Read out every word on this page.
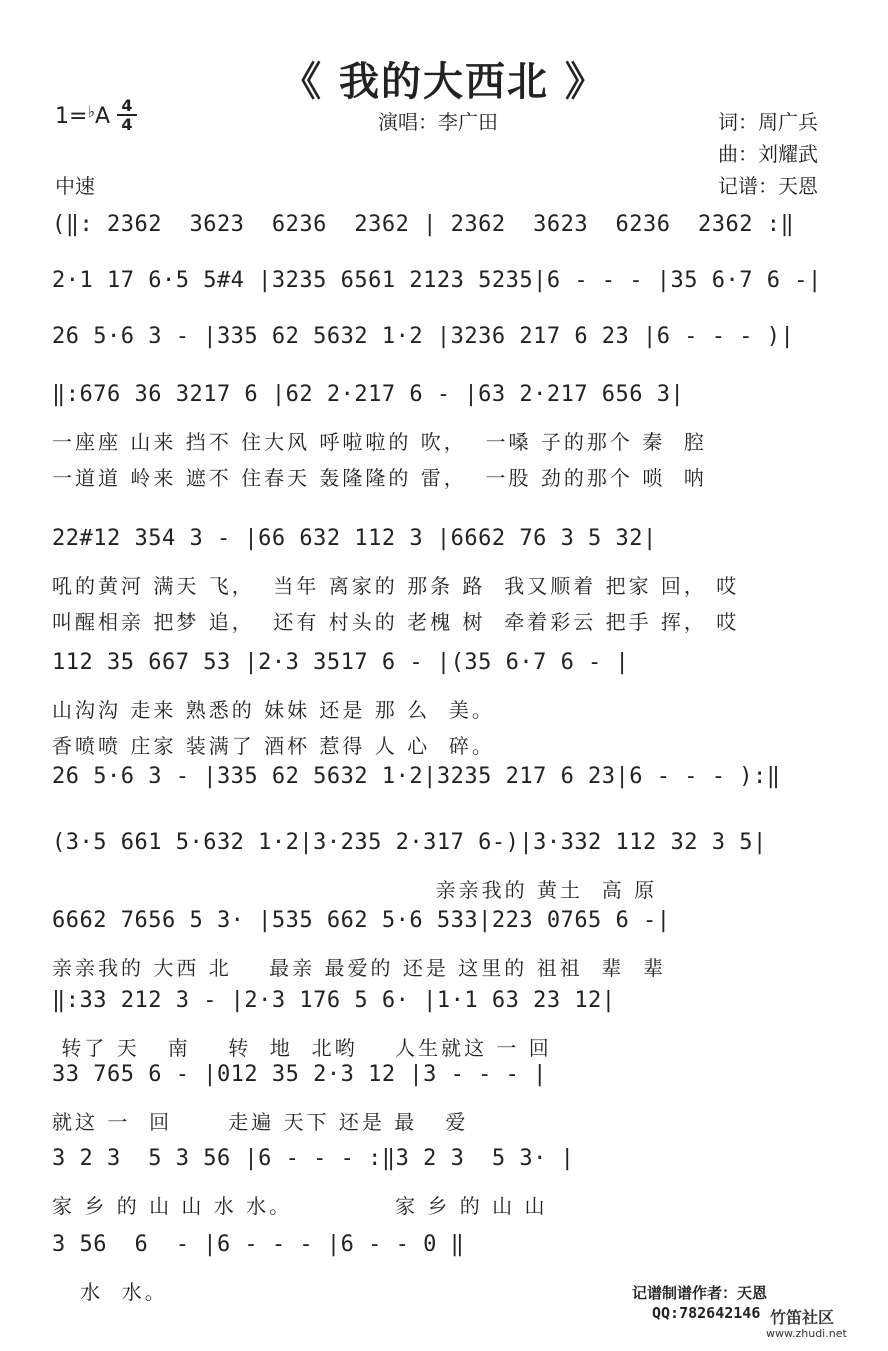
《 我的大西北 》
1=♭A 4
4	演唱：李广田	词：周广兵
曲：刘耀武
记谱：天恩
中速
(‖: 2362  3623  6236  2362 | 2362  3623  6236  2362 :‖
2·1 17 6·5 5#4 |3235 6561 2123 5235|6 - - - |35 6·7 6 -|
26 5·6 3 - |335 62 5632 1·2 |3236 217 6 23 |6 - - - )|
‖:676 36 3217 6 |62 2·217 6 - |63 2·217 656 3|
一座座 山来 挡不 住大风 呼啦啦的 吹，  一嗓 子的那个 秦  腔
一道道 岭来 遮不 住春天 轰隆隆的 雷，  一股 劲的那个 唢  呐
22#12 354 3 - |66 632 112 3 |6662 76 3 5 32|
吼的黄河 满天 飞，  当年 离家的 那条 路  我又顺着 把家 回， 哎
叫醒相亲 把梦 追，  还有 村头的 老槐 树  牵着彩云 把手 挥， 哎
112 35 667 53 |2·3 3517 6 - |(35 6·7 6 - |
山沟沟 走来 熟悉的 妹妹 还是 那 么  美。
香喷喷 庄家 装满了 酒杯 惹得 人 心  碎。
26 5·6 3 - |335 62 5632 1·2|3235 217 6 23|6 - - - ):‖
(3·5 661 5·632 1·2|3·235 2·317 6-)|3·332 112 32 3 5|
亲亲我的 黄土  高 原
6662 7656 5 3· |535 662 5·6 533|223 0765 6 -|
亲亲我的 大西 北    最亲 最爱的 还是 这里的 祖祖  辈  辈
‖:33 212 3 - |2·3 176 5 6· |1·1 63 23 12|
转了 天   南    转  地  北哟    人生就这 一 回
33 765 6 - |012 35 2·3 12 |3 - - - |
就这 一  回      走遍 天下 还是 最   爱
3 2 3  5 3 56 |6 - - - :‖3 2 3  5 3· |
家 乡 的 山 山 水 水。           家 乡 的 山 山
3 56  6  - |6 - - - |6 - - 0 ‖
水  水。	记谱制谱作者：天恩
QQ:782642146 竹笛社区
www.zhudi.net
